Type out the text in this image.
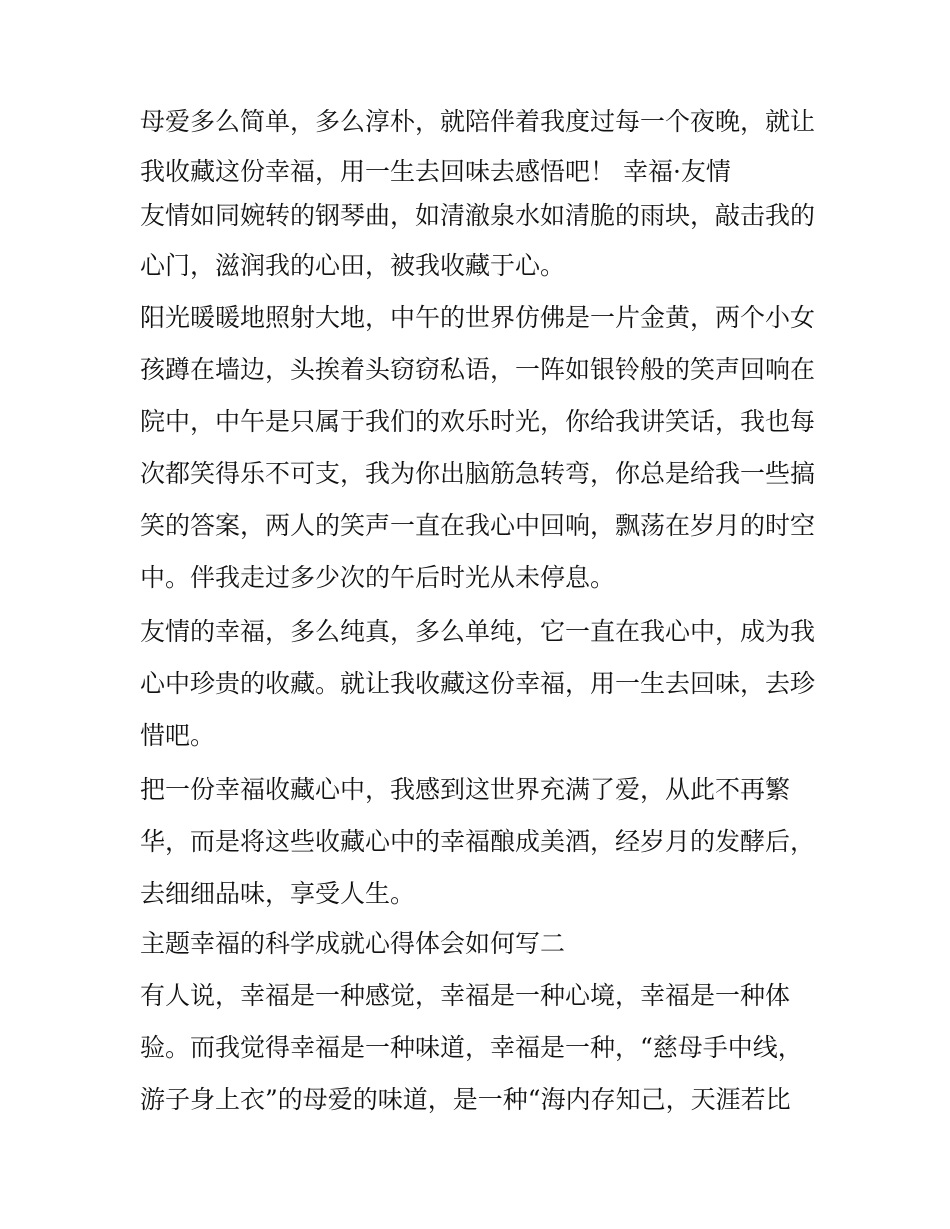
母爱多么简单，多么淳朴，就陪伴着我度过每一个夜晚，就让
我收藏这份幸福，用一生去回味去感悟吧！ 幸福·友情
友情如同婉转的钢琴曲，如清澈泉水如清脆的雨块，敲击我的
心门，滋润我的心田，被我收藏于心。
阳光暖暖地照射大地，中午的世界仿佛是一片金黄，两个小女
孩蹲在墙边，头挨着头窃窃私语，一阵如银铃般的笑声回响在
院中，中午是只属于我们的欢乐时光，你给我讲笑话，我也每
次都笑得乐不可支，我为你出脑筋急转弯，你总是给我一些搞
笑的答案，两人的笑声一直在我心中回响，飘荡在岁月的时空
中。伴我走过多少次的午后时光从未停息。
友情的幸福，多么纯真，多么单纯，它一直在我心中，成为我
心中珍贵的收藏。就让我收藏这份幸福，用一生去回味，去珍
惜吧。
把一份幸福收藏心中，我感到这世界充满了爱，从此不再繁
华，而是将这些收藏心中的幸福酿成美酒，经岁月的发酵后，
去细细品味，享受人生。
主题幸福的科学成就心得体会如何写二
有人说，幸福是一种感觉，幸福是一种心境，幸福是一种体
验。而我觉得幸福是一种味道，幸福是一种，“慈母手中线，
游子身上衣”的母爱的味道，是一种“海内存知己，天涯若比
